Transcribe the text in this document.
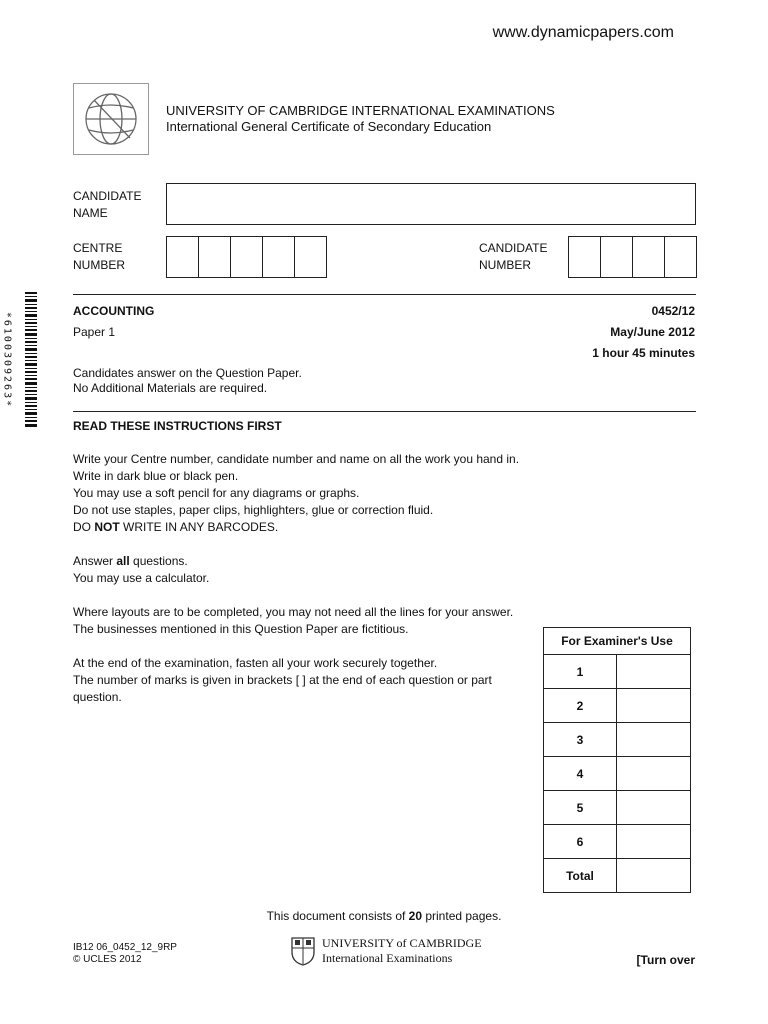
www.dynamicpapers.com
UNIVERSITY OF CAMBRIDGE INTERNATIONAL EXAMINATIONS
International General Certificate of Secondary Education
CANDIDATE
NAME
CENTRE
NUMBER
CANDIDATE
NUMBER
*6100309263*
ACCOUNTING	0452/12
Paper 1	May/June 2012
1 hour 45 minutes
Candidates answer on the Question Paper.
No Additional Materials are required.
READ THESE INSTRUCTIONS FIRST
Write your Centre number, candidate number and name on all the work you hand in.
Write in dark blue or black pen.
You may use a soft pencil for any diagrams or graphs.
Do not use staples, paper clips, highlighters, glue or correction fluid.
DO NOT WRITE IN ANY BARCODES.
Answer all questions.
You may use a calculator.
Where layouts are to be completed, you may not need all the lines for your answer.
The businesses mentioned in this Question Paper are fictitious.
At the end of the examination, fasten all your work securely together.
The number of marks is given in brackets [ ] at the end of each question or part
question.
For Examiner's Use	
1	
2	
3	
4	
5	
6	
Total	
This document consists of 20 printed pages.
IB12 06_0452_12_9RP
© UCLES 2012
UNIVERSITY of CAMBRIDGE
International Examinations	[Turn over
